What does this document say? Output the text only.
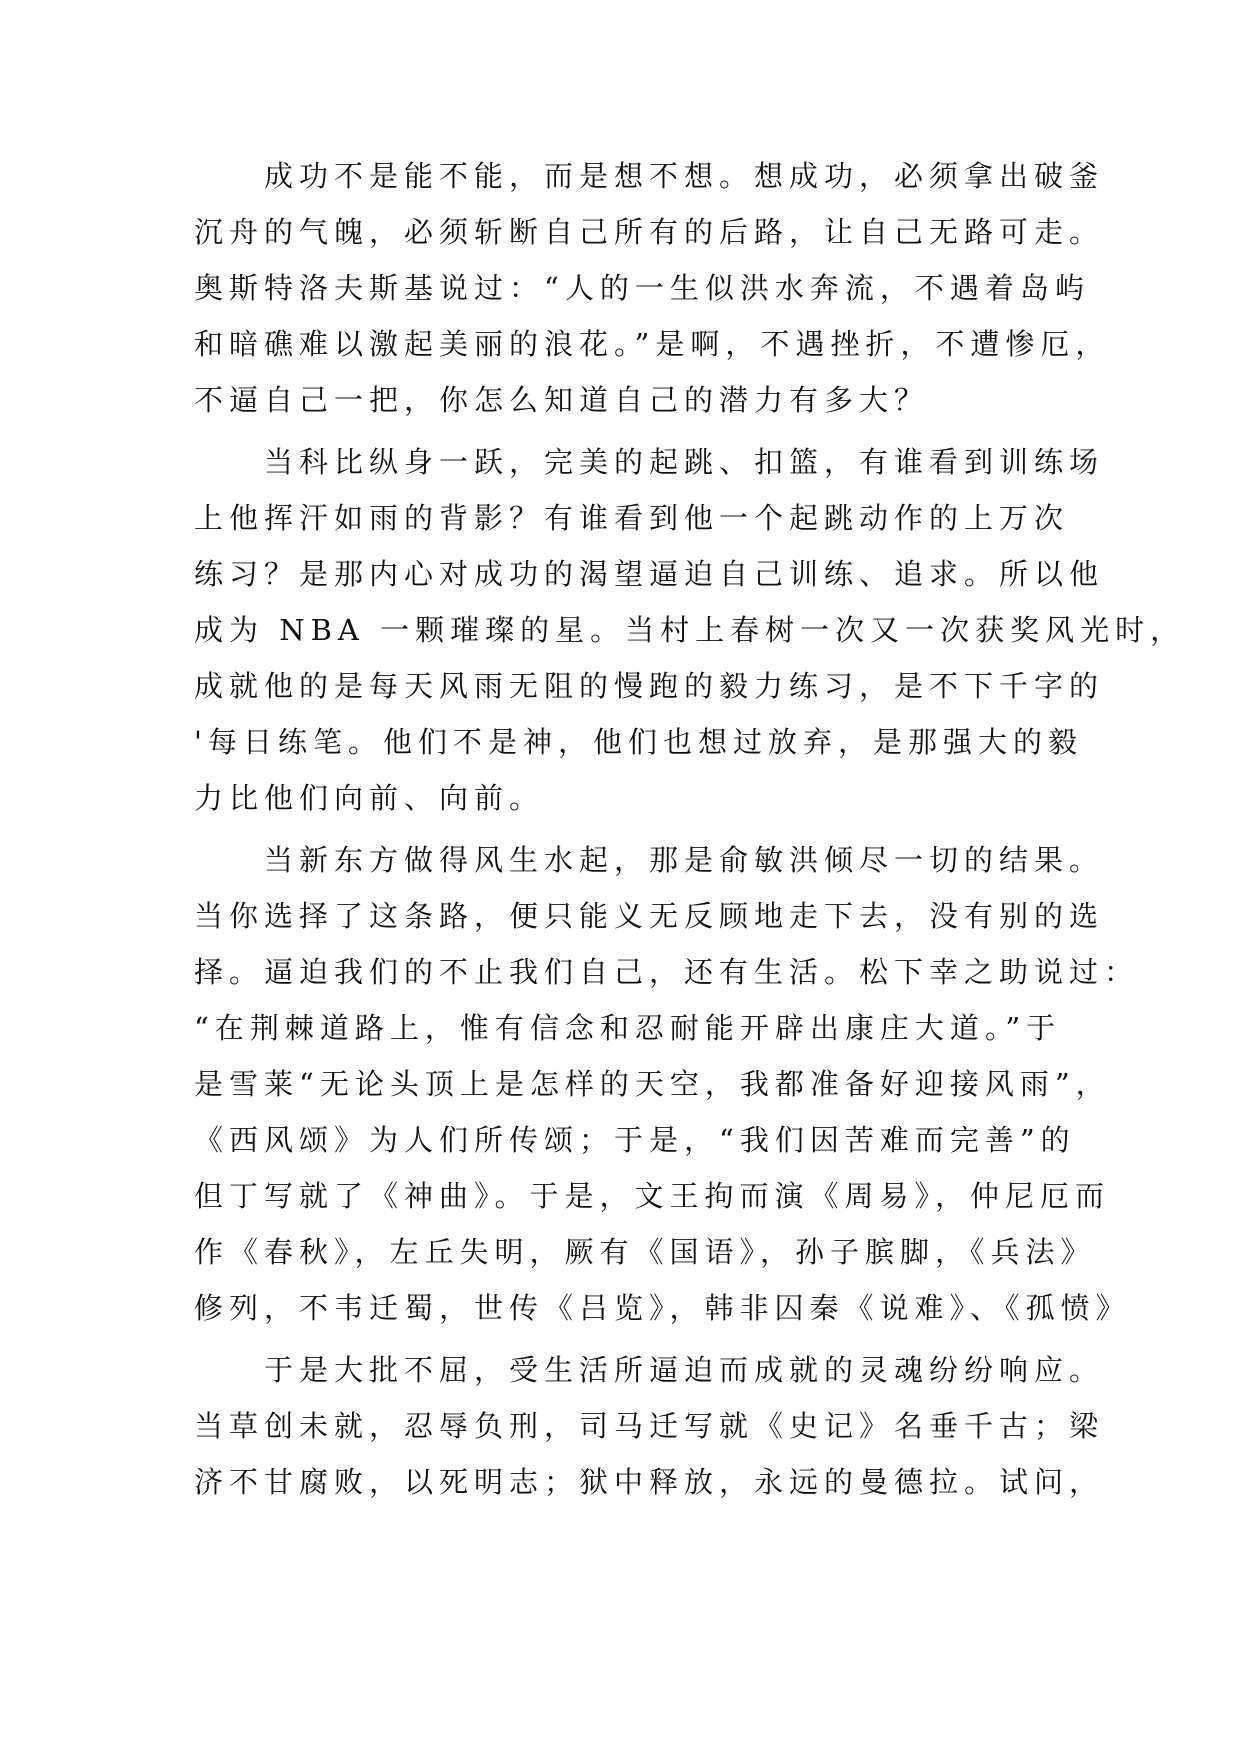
　　成功不是能不能，而是想不想。想成功，必须拿出破釜
沉舟的气魄，必须斩断自己所有的后路，让自己无路可走。
奥斯特洛夫斯基说过：“人的一生似洪水奔流，不遇着岛屿
和暗礁难以激起美丽的浪花。”是啊，不遇挫折，不遭惨厄，
不逼自己一把，你怎么知道自己的潜力有多大？
　　当科比纵身一跃，完美的起跳、扣篮，有谁看到训练场
上他挥汗如雨的背影？有谁看到他一个起跳动作的上万次
练习？是那内心对成功的渴望逼迫自己训练、追求。所以他
成为 NBA 一颗璀璨的星。当村上春树一次又一次获奖风光时，
成就他的是每天风雨无阻的慢跑的毅力练习，是不下千字的
'每日练笔。他们不是神，他们也想过放弃，是那强大的毅
力比他们向前、向前。
　　当新东方做得风生水起，那是俞敏洪倾尽一切的结果。
当你选择了这条路，便只能义无反顾地走下去，没有别的选
择。逼迫我们的不止我们自己，还有生活。松下幸之助说过：
“在荆棘道路上，惟有信念和忍耐能开辟出康庄大道。”于
是雪莱“无论头顶上是怎样的天空，我都准备好迎接风雨”，
《西风颂》为人们所传颂；于是，“我们因苦难而完善”的
但丁写就了《神曲》。于是，文王拘而演《周易》，仲尼厄而
作《春秋》，左丘失明，厥有《国语》，孙子膑脚，《兵法》
修列，不韦迁蜀，世传《吕览》，韩非囚秦《说难》、《孤愤》
　　于是大批不屈，受生活所逼迫而成就的灵魂纷纷响应。
当草创未就，忍辱负刑，司马迁写就《史记》名垂千古；梁
济不甘腐败，以死明志；狱中释放，永远的曼德拉。试问，
